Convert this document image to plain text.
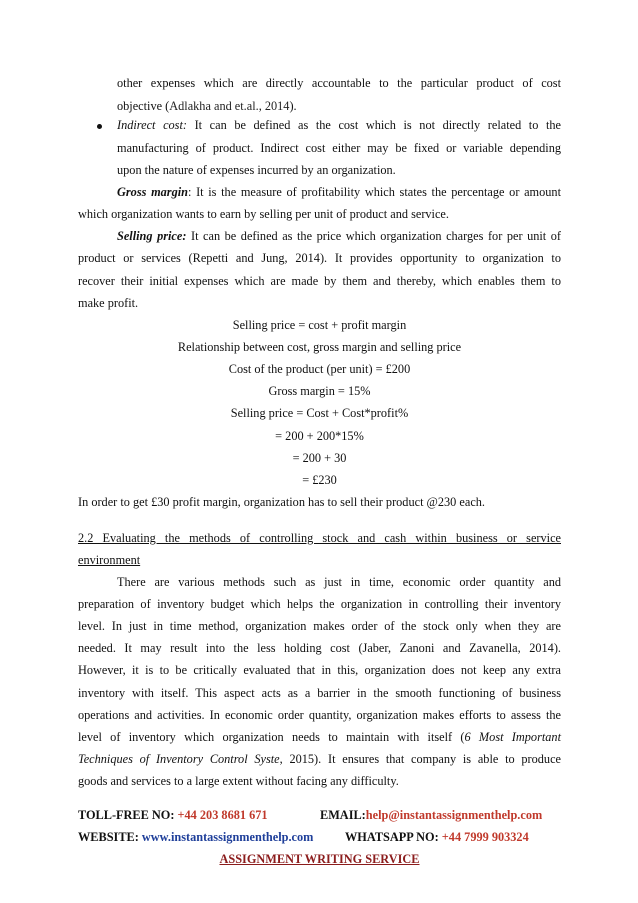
other expenses which are directly accountable to the particular product of cost
objective (Adlakha and et.al., 2014).
Indirect cost: It can be defined as the cost which is not directly related to the
manufacturing of product. Indirect cost either may be fixed or variable depending
upon the nature of expenses incurred by an organization.
Gross margin: It is the measure of profitability which states the percentage or amount
which organization wants to earn by selling per unit of product and service.
Selling price: It can be defined as the price which organization charges for per unit of
product or services (Repetti and Jung, 2014). It provides opportunity to organization to
recover their initial expenses which are made by them and thereby, which enables them to
make profit.
Selling price = cost + profit margin
Relationship between cost, gross margin and selling price
Cost of the product (per unit) = £200
Gross margin = 15%
Selling price = Cost + Cost*profit%
= 200 + 200*15%
= 200 + 30
= £230
In order to get £30 profit margin, organization has to sell their product @230 each.
2.2 Evaluating the methods of controlling stock and cash within business or service
environment
There are various methods such as just in time, economic order quantity and
preparation of inventory budget which helps the organization in controlling their inventory
level. In just in time method, organization makes order of the stock only when they are
needed. It may result into the less holding cost (Jaber, Zanoni and Zavanella, 2014).
However, it is to be critically evaluated that in this, organization does not keep any extra
inventory with itself. This aspect acts as a barrier in the smooth functioning of business
operations and activities. In economic order quantity, organization makes efforts to assess the
level of inventory which organization needs to maintain with itself (6 Most Important
Techniques of Inventory Control Syste, 2015). It ensures that company is able to produce
goods and services to a large extent without facing any difficulty.
TOLL-FREE NO: +44 203 8681 671	EMAIL:help@instantassignmenthelp.com
WEBSITE: www.instantassignmenthelp.com	WHATSAPP NO: +44 7999 903324
ASSIGNMENT WRITING SERVICE
